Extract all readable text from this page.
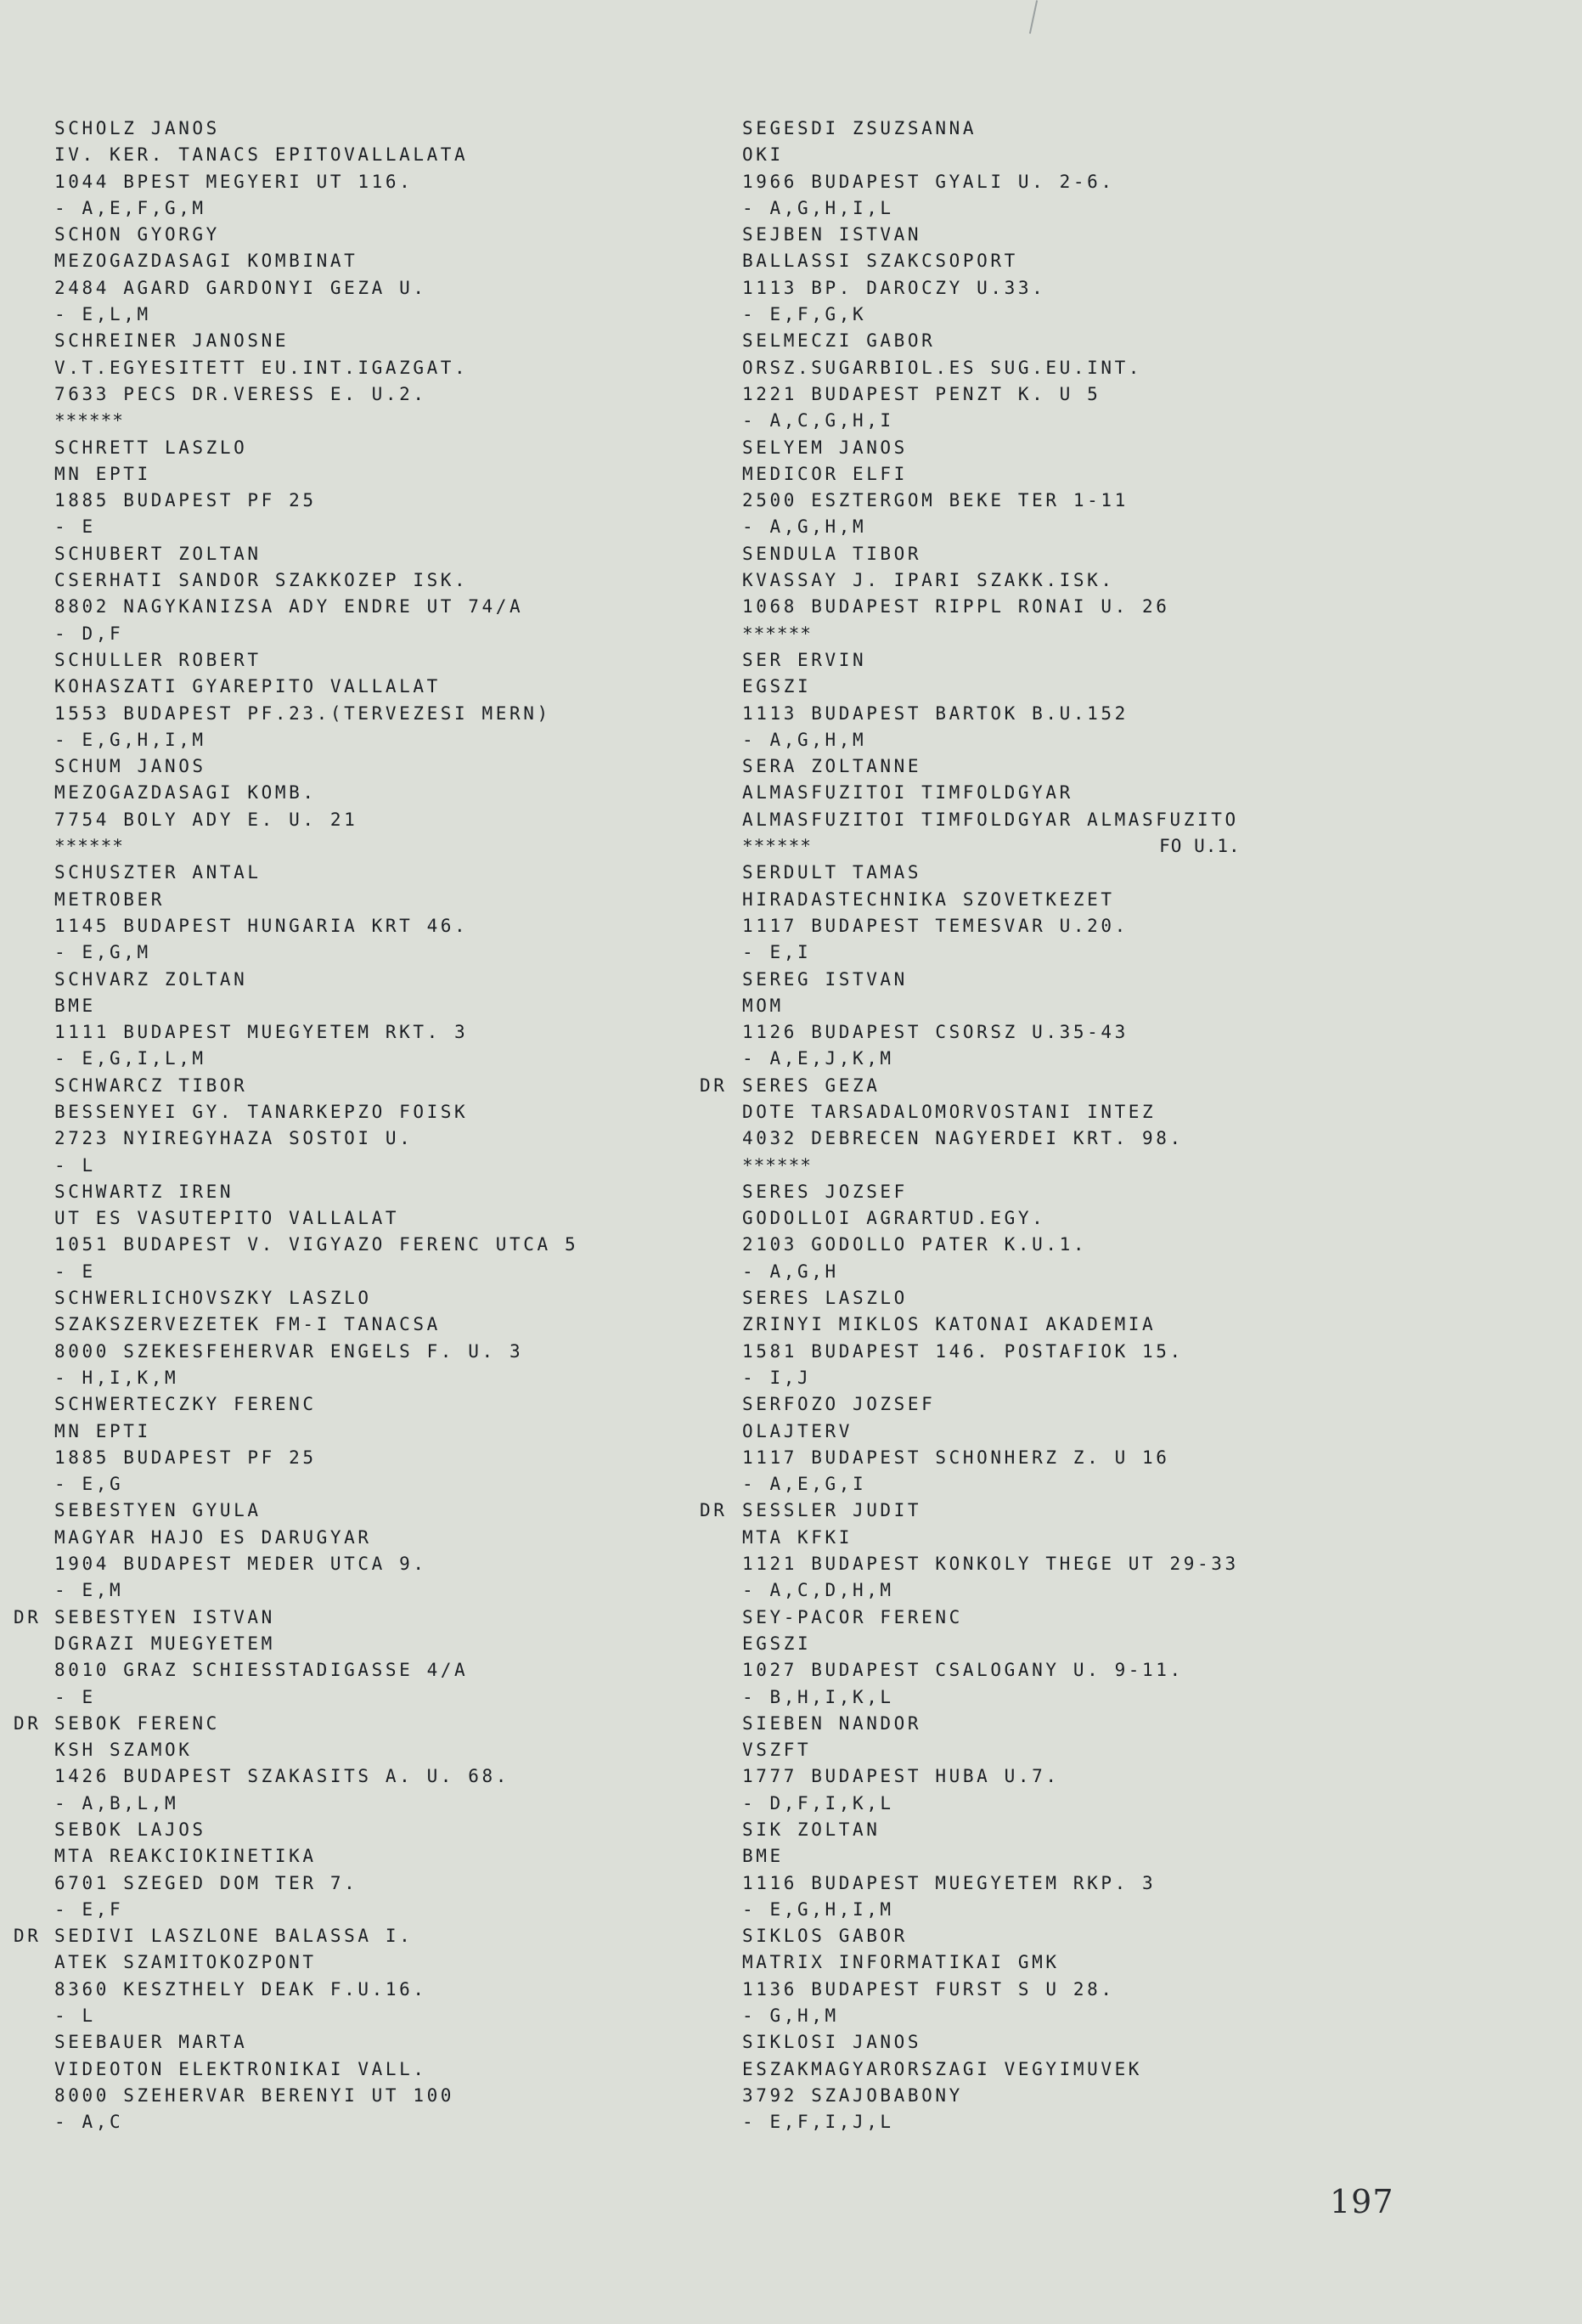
SCHOLZ JANOS
IV. KER. TANACS EPITOVALLALATA
1044 BPEST MEGYERI UT 116.
- A,E,F,G,M
SCHON GYORGY
MEZOGAZDASAGI KOMBINAT
2484 AGARD GARDONYI GEZA U.
- E,L,M
SCHREINER JANOSNE
V.T.EGYESITETT EU.INT.IGAZGAT.
7633 PECS DR.VERESS E. U.2.
******
SCHRETT LASZLO
MN EPTI
1885 BUDAPEST PF 25
- E
SCHUBERT ZOLTAN
CSERHATI SANDOR SZAKKOZEP ISK.
8802 NAGYKANIZSA ADY ENDRE UT 74/A
- D,F
SCHULLER ROBERT
KOHASZATI GYAREPITO VALLALAT
1553 BUDAPEST PF.23.(TERVEZESI MERN)
- E,G,H,I,M
SCHUM JANOS
MEZOGAZDASAGI KOMB.
7754 BOLY ADY E. U. 21
******
SCHUSZTER ANTAL
METROBER
1145 BUDAPEST HUNGARIA KRT 46.
- E,G,M
SCHVARZ ZOLTAN
BME
1111 BUDAPEST MUEGYETEM RKT. 3
- E,G,I,L,M
SCHWARCZ TIBOR
BESSENYEI GY. TANARKEPZO FOISK
2723 NYIREGYHAZA SOSTOI U.
- L
SCHWARTZ IREN
UT ES VASUTEPITO VALLALAT
1051 BUDAPEST V. VIGYAZO FERENC UTCA 5
- E
SCHWERLICHOVSZKY LASZLO
SZAKSZERVEZETEK FM-I TANACSA
8000 SZEKESFEHERVAR ENGELS F. U. 3
- H,I,K,M
SCHWERTECZKY FERENC
MN EPTI
1885 BUDAPEST PF 25
- E,G
SEBESTYEN GYULA
MAGYAR HAJO ES DARUGYAR
1904 BUDAPEST MEDER UTCA 9.
- E,M
DR SEBESTYEN ISTVAN
DGRAZI MUEGYETEM
8010 GRAZ SCHIESSTADIGASSE 4/A
- E
DR SEBOK FERENC
KSH SZAMOK
1426 BUDAPEST SZAKASITS A. U. 68.
- A,B,L,M
SEBOK LAJOS
MTA REAKCIOKINETIKA
6701 SZEGED DOM TER 7.
- E,F
DR SEDIVI LASZLONE BALASSA I.
ATEK SZAMITOKOZPONT
8360 KESZTHELY DEAK F.U.16.
- L
SEEBAUER MARTA
VIDEOTON ELEKTRONIKAI VALL.
8000 SZEHERVAR BERENYI UT 100
- A,C
SEGESDI ZSUZSANNA
OKI
1966 BUDAPEST GYALI U. 2-6.
- A,G,H,I,L
SEJBEN ISTVAN
BALLASSI SZAKCSOPORT
1113 BP. DAROCZY U.33.
- E,F,G,K
SELMECZI GABOR
ORSZ.SUGARBIOL.ES SUG.EU.INT.
1221 BUDAPEST PENZT K. U 5
- A,C,G,H,I
SELYEM JANOS
MEDICOR ELFI
2500 ESZTERGOM BEKE TER 1-11
- A,G,H,M
SENDULA TIBOR
KVASSAY J. IPARI SZAKK.ISK.
1068 BUDAPEST RIPPL RONAI U. 26
******
SER ERVIN
EGSZI
1113 BUDAPEST BARTOK B.U.152
- A,G,H,M
SERA ZOLTANNE
ALMASFUZITOI TIMFOLDGYAR
ALMASFUZITOI TIMFOLDGYAR ALMASFUZITO
******                              FO U.1.
SERDULT TAMAS
HIRADASTECHNIKA SZOVETKEZET
1117 BUDAPEST TEMESVAR U.20.
- E,I
SEREG ISTVAN
MOM
1126 BUDAPEST CSORSZ U.35-43
- A,E,J,K,M
DR SERES GEZA
DOTE TARSADALOMORVOSTANI INTEZ
4032 DEBRECEN NAGYERDEI KRT. 98.
******
SERES JOZSEF
GODOLLOI AGRARTUD.EGY.
2103 GODOLLO PATER K.U.1.
- A,G,H
SERES LASZLO
ZRINYI MIKLOS KATONAI AKADEMIA
1581 BUDAPEST 146. POSTAFIOK 15.
- I,J
SERFOZO JOZSEF
OLAJTERV
1117 BUDAPEST SCHONHERZ Z. U 16
- A,E,G,I
DR SESSLER JUDIT
MTA KFKI
1121 BUDAPEST KONKOLY THEGE UT 29-33
- A,C,D,H,M
SEY-PACOR FERENC
EGSZI
1027 BUDAPEST CSALOGANY U. 9-11.
- B,H,I,K,L
SIEBEN NANDOR
VSZFT
1777 BUDAPEST HUBA U.7.
- D,F,I,K,L
SIK ZOLTAN
BME
1116 BUDAPEST MUEGYETEM RKP. 3
- E,G,H,I,M
SIKLOS GABOR
MATRIX INFORMATIKAI GMK
1136 BUDAPEST FURST S U 28.
- G,H,M
SIKLOSI JANOS
ESZAKMAGYARORSZAGI VEGYIMUVEK
3792 SZAJOBABONY
- E,F,I,J,L
197
